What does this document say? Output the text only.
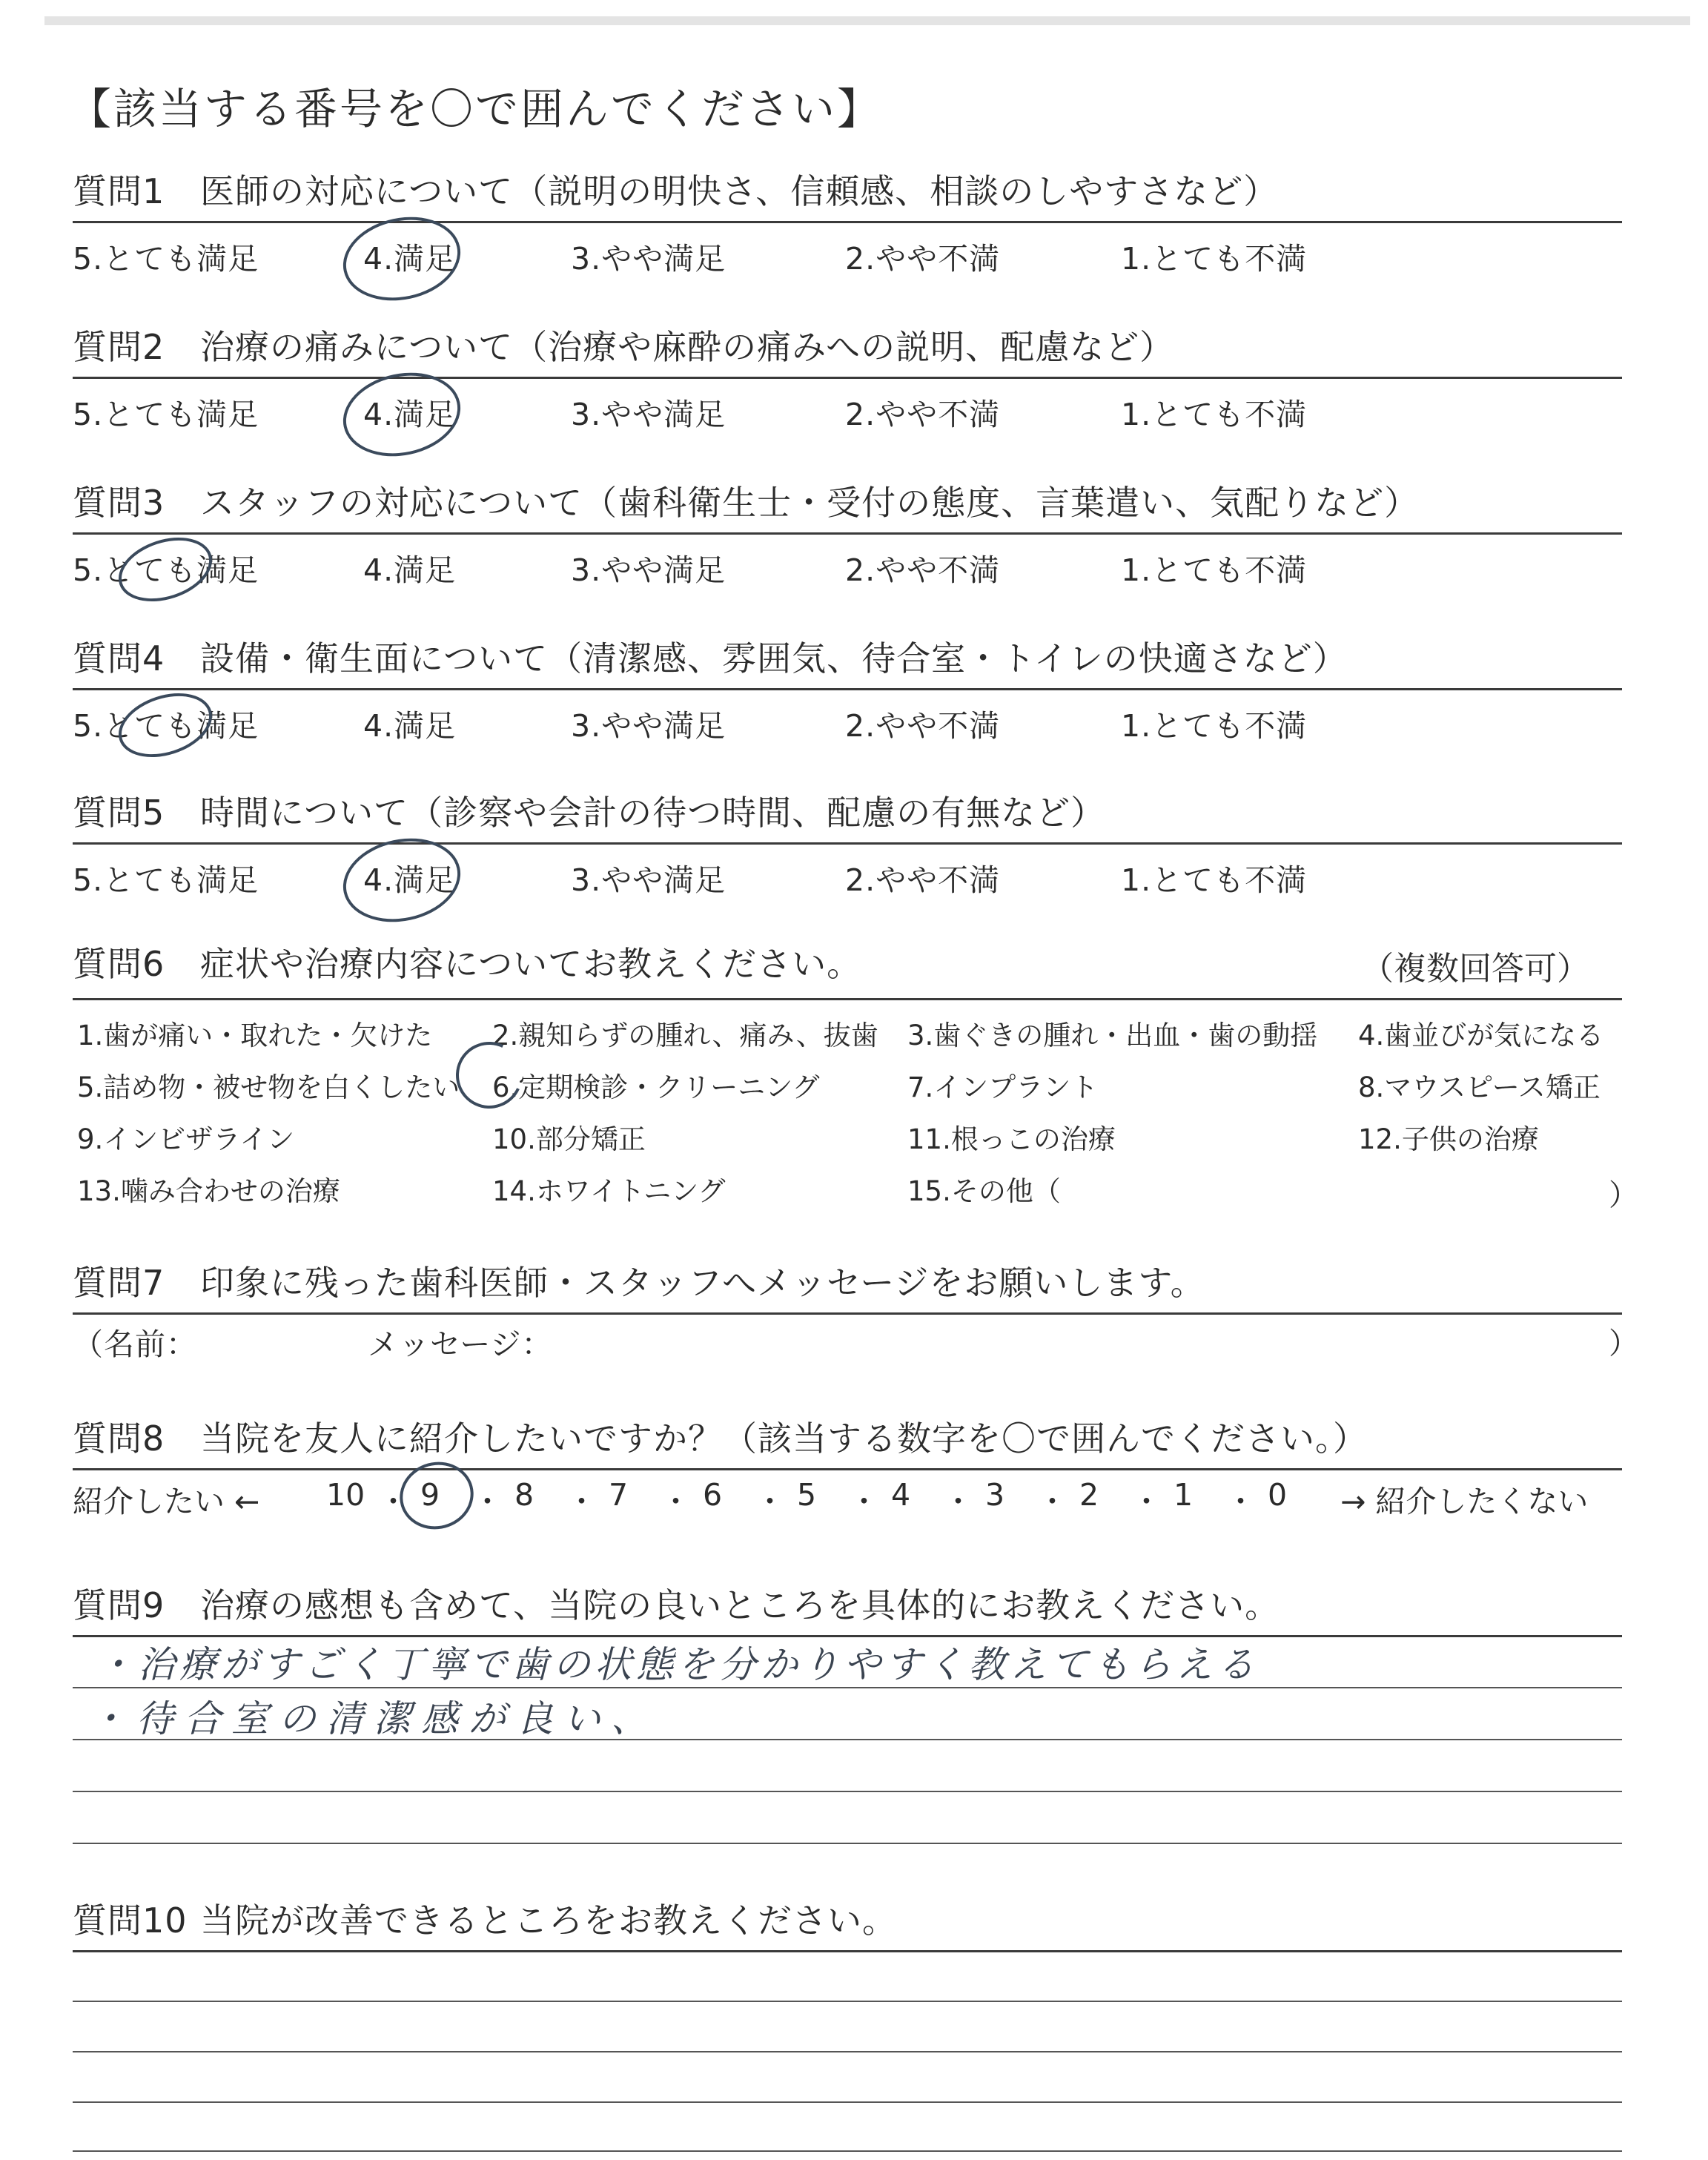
【該当する番号を〇で囲んでください】
質問1 医師の対応について（説明の明快さ、信頼感、相談のしやすさなど）
5.とても満足	4.満足	3.やや満足	2.やや不満	1.とても不満
質問2 治療の痛みについて（治療や麻酔の痛みへの説明、配慮など）
5.とても満足	4.満足	3.やや満足	2.やや不満	1.とても不満
質問3 スタッフの対応について（歯科衛生士・受付の態度、言葉遣い、気配りなど）
5.とても満足	4.満足	3.やや満足	2.やや不満	1.とても不満
質問4 設備・衛生面について（清潔感、雰囲気、待合室・トイレの快適さなど）
5.とても満足	4.満足	3.やや満足	2.やや不満	1.とても不満
質問5 時間について（診察や会計の待つ時間、配慮の有無など）
5.とても満足	4.満足	3.やや満足	2.やや不満	1.とても不満
質問6 症状や治療内容についてお教えください。	（複数回答可）
1.歯が痛い・取れた・欠けた 2.親知らずの腫れ、痛み、抜歯 3.歯ぐきの腫れ・出血・歯の動揺 4.歯並びが気になる
5.詰め物・被せ物を白くしたい 6.定期検診・クリーニング	7.インプラント	8.マウスピース矯正
9.インビザライン	10.部分矯正	11.根っこの治療	12.子供の治療
13.噛み合わせの治療	14.ホワイトニング	15.その他（	）
質問7 印象に残った歯科医師・スタッフへメッセージをお願いします。
（名前：	メッセージ：	）
質問8 当院を友人に紹介したいですか？（該当する数字を〇で囲んでください。）
紹介したい ←	→ 紹介したくない
10 ・ 9 ・ 8 ・ 7 ・ 6 ・ 5 ・ 4 ・ 3 ・ 2 ・ 1 ・ 0
質問9 治療の感想も含めて、当院の良いところを具体的にお教えください。
・治療がすごく丁寧で歯の状態を分かりやすく教えてもらえる
・待合室の清潔感が良い、
質問10 当院が改善できるところをお教えください。
